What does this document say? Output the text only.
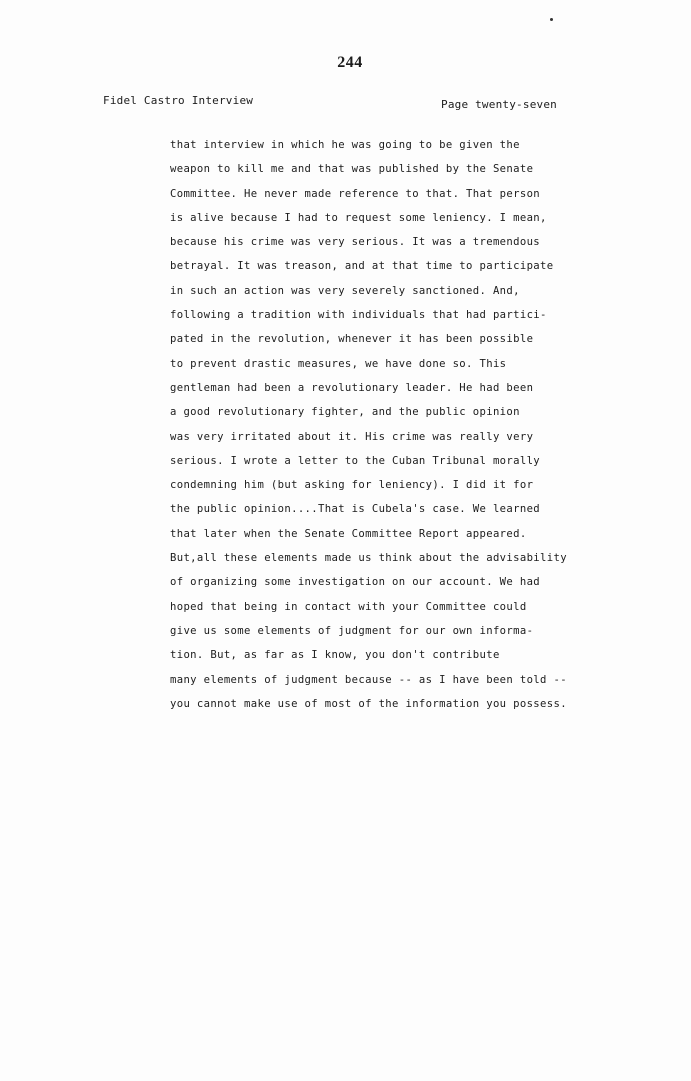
244
Fidel Castro Interview	Page twenty-seven
that interview in which he was going to be given the
weapon to kill me and that was published by the Senate
Committee. He never made reference to that. That person
is alive because I had to request some leniency. I mean,
because his crime was very serious. It was a tremendous
betrayal. It was treason, and at that time to participate
in such an action was very severely sanctioned. And,
following a tradition with individuals that had partici-
pated in the revolution, whenever it has been possible
to prevent drastic measures, we have done so. This
gentleman had been a revolutionary leader. He had been
a good revolutionary fighter, and the public opinion
was very irritated about it. His crime was really very
serious. I wrote a letter to the Cuban Tribunal morally
condemning him (but asking for leniency). I did it for
the public opinion....That is Cubela's case. We learned
that later when the Senate Committee Report appeared.
But,all these elements made us think about the advisability
of organizing some investigation on our account. We had
hoped that being in contact with your Committee could
give us some elements of judgment for our own informa-
tion. But, as far as I know, you don't contribute
many elements of judgment because -- as I have been told --
you cannot make use of most of the information you possess.
